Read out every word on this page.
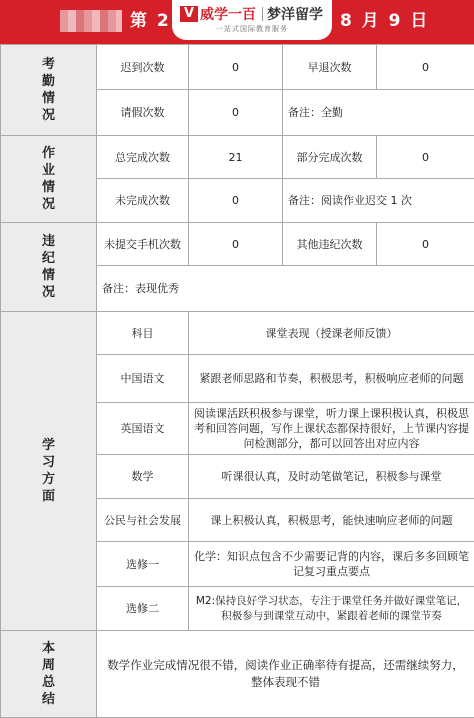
第 2	8 月 9 日
V 威学一百 梦洋留学
一站式国际教育服务
考
勤
情
况	迟到次数	0	早退次数	0
	请假次数	0	备注：全勤	
作
业
情
况	总完成次数	21	部分完成次数	0
	未完成次数	0	备注：阅读作业迟交 1 次	
违
纪
情
况	未提交手机次数	0	其他违纪次数	0
	备注：表现优秀			
学
习
方
面	科目	课堂表现（授课老师反馈）		
	中国语文	紧跟老师思路和节奏，积极思考，积极响应老师的问题		
	英国语文	阅读课活跃积极参与课堂，听力课上课积极认真，积极思考和回答问题，写作上课状态都保持很好，上节课内容提问检测部分，都可以回答出对应内容		
	数学	听课很认真，及时动笔做笔记，积极参与课堂		
	公民与社会发展	课上积极认真，积极思考，能快速响应老师的问题		
	选修一	化学：知识点包含不少需要记背的内容，课后多多回顾笔记复习重点要点		
	选修二	M2:保持良好学习状态，专注于课堂任务并做好课堂笔记，积极参与到课堂互动中，紧跟着老师的课堂节奏		
本
周
总
结	数学作业完成情况很不错，阅读作业正确率待有提高，还需继续努力，整体表现不错			
